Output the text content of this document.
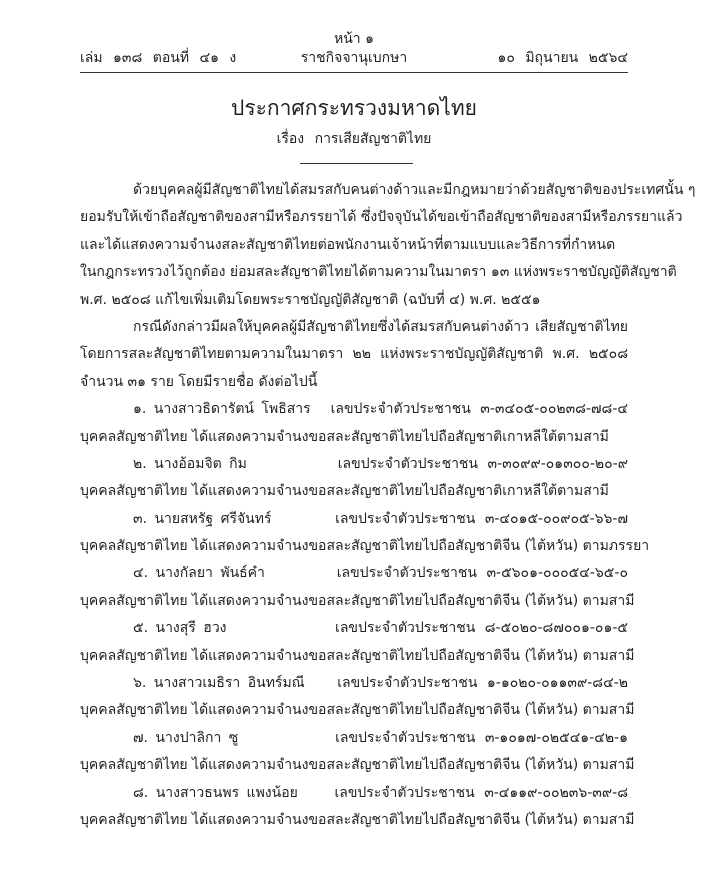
หน้า ๑
เล่ม ๑๓๘ ตอนที่ ๔๑ ง	ราชกิจจานุเบกษา	๑๐ มิถุนายน ๒๕๖๔
ประกาศกระทรวงมหาดไทย
เรื่อง การเสียสัญชาติไทย
ด้วยบุคคลผู้มีสัญชาติไทยได้สมรสกับคนต่างด้าวและมีกฎหมายว่าด้วยสัญชาติของประเทศนั้น ๆ
ยอมรับให้เข้าถือสัญชาติของสามีหรือภรรยาได้ ซึ่งปัจจุบันได้ขอเข้าถือสัญชาติของสามีหรือภรรยาแล้ว
และได้แสดงความจำนงสละสัญชาติไทยต่อพนักงานเจ้าหน้าที่ตามแบบและวิธีการที่กำหนด
ในกฎกระทรวงไว้ถูกต้อง ย่อมสละสัญชาติไทยได้ตามความในมาตรา ๑๓ แห่งพระราชบัญญัติสัญชาติ
พ.ศ. ๒๕๐๘ แก้ไขเพิ่มเติมโดยพระราชบัญญัติสัญชาติ (ฉบับที่ ๔) พ.ศ. ๒๕๕๑
กรณีดังกล่าวมีผลให้บุคคลผู้มีสัญชาติไทยซึ่งได้สมรสกับคนต่างด้าว เสียสัญชาติไทย
โดยการสละสัญชาติไทยตามความในมาตรา ๒๒ แห่งพระราชบัญญัติสัญชาติ พ.ศ. ๒๕๐๘
จำนวน ๓๑ ราย โดยมีรายชื่อ ดังต่อไปนี้
๑. นางสาวธิดารัตน์ โพธิสาร	เลขประจำตัวประชาชน ๓-๓๔๐๕-๐๐๒๓๘-๗๘-๔
บุคคลสัญชาติไทย ได้แสดงความจำนงขอสละสัญชาติไทยไปถือสัญชาติเกาหลีใต้ตามสามี
๒. นางอ้อมจิต กิม	เลขประจำตัวประชาชน ๓-๓๐๙๙-๐๑๓๐๐-๒๐-๙
บุคคลสัญชาติไทย ได้แสดงความจำนงขอสละสัญชาติไทยไปถือสัญชาติเกาหลีใต้ตามสามี
๓. นายสหรัฐ ศรีจันทร์	เลขประจำตัวประชาชน ๓-๔๐๑๕-๐๐๙๐๕-๖๖-๗
บุคคลสัญชาติไทย ได้แสดงความจำนงขอสละสัญชาติไทยไปถือสัญชาติจีน (ไต้หวัน) ตามภรรยา
๔. นางกัลยา พันธ์คำ	เลขประจำตัวประชาชน ๓-๕๖๐๑-๐๐๐๕๔-๖๕-๐
บุคคลสัญชาติไทย ได้แสดงความจำนงขอสละสัญชาติไทยไปถือสัญชาติจีน (ไต้หวัน) ตามสามี
๕. นางสุรี ฮวง	เลขประจำตัวประชาชน ๘-๕๐๒๐-๘๗๐๐๑-๐๑-๕
บุคคลสัญชาติไทย ได้แสดงความจำนงขอสละสัญชาติไทยไปถือสัญชาติจีน (ไต้หวัน) ตามสามี
๖. นางสาวเมธิรา อินทร์มณี	เลขประจำตัวประชาชน ๑-๑๐๒๐-๐๑๑๓๙-๘๔-๒
บุคคลสัญชาติไทย ได้แสดงความจำนงขอสละสัญชาติไทยไปถือสัญชาติจีน (ไต้หวัน) ตามสามี
๗. นางปาลิกา ซู	เลขประจำตัวประชาชน ๓-๑๐๑๗-๐๒๕๔๑-๔๒-๑
บุคคลสัญชาติไทย ได้แสดงความจำนงขอสละสัญชาติไทยไปถือสัญชาติจีน (ไต้หวัน) ตามสามี
๘. นางสาวธนพร แพงน้อย	เลขประจำตัวประชาชน ๓-๔๑๑๙-๐๐๒๓๖-๓๙-๘
บุคคลสัญชาติไทย ได้แสดงความจำนงขอสละสัญชาติไทยไปถือสัญชาติจีน (ไต้หวัน) ตามสามี
